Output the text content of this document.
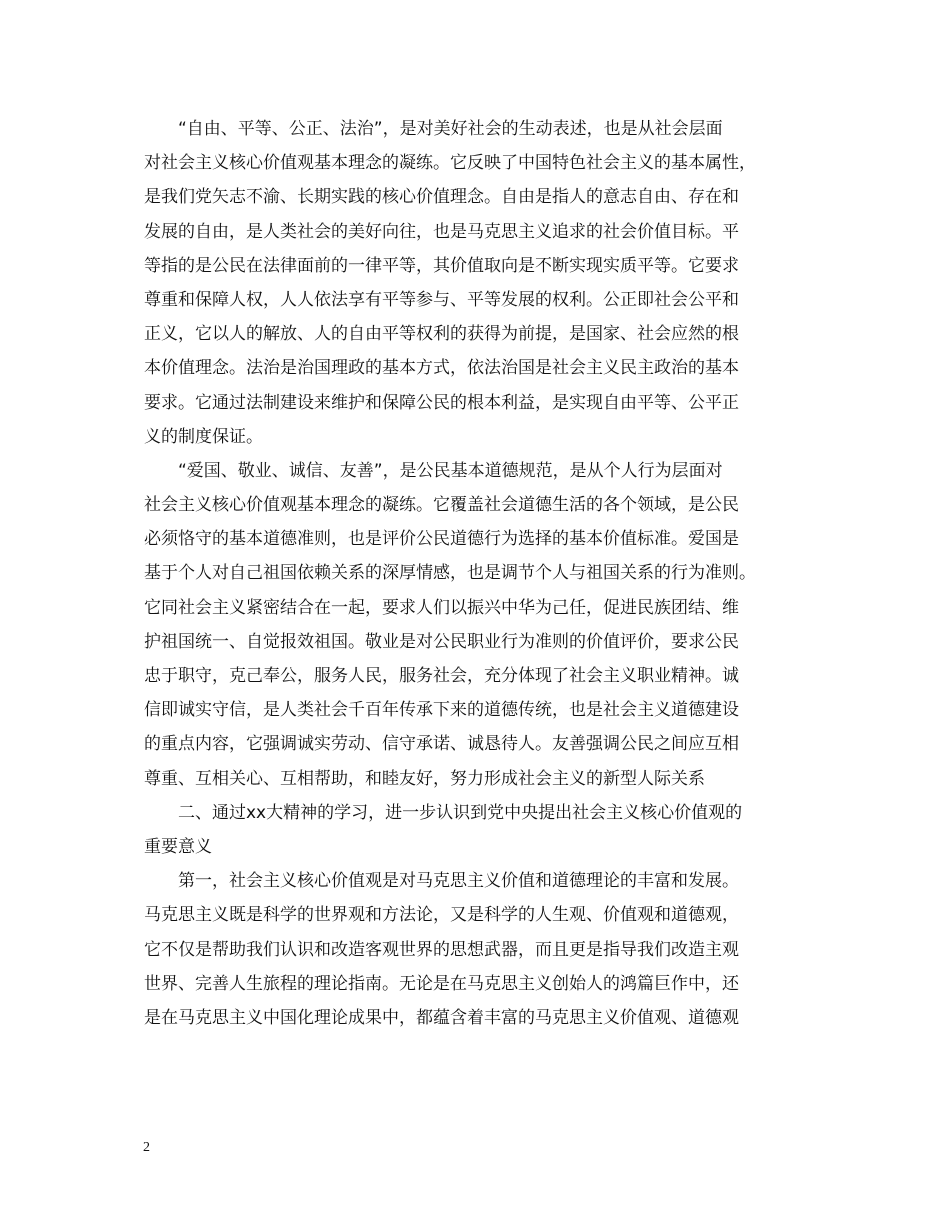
“自由、平等、公正、法治”，是对美好社会的生动表述，也是从社会层面
对社会主义核心价值观基本理念的凝练。它反映了中国特色社会主义的基本属性，
是我们党矢志不渝、长期实践的核心价值理念。自由是指人的意志自由、存在和
发展的自由，是人类社会的美好向往，也是马克思主义追求的社会价值目标。平
等指的是公民在法律面前的一律平等，其价值取向是不断实现实质平等。它要求
尊重和保障人权，人人依法享有平等参与、平等发展的权利。公正即社会公平和
正义，它以人的解放、人的自由平等权利的获得为前提，是国家、社会应然的根
本价值理念。法治是治国理政的基本方式，依法治国是社会主义民主政治的基本
要求。它通过法制建设来维护和保障公民的根本利益，是实现自由平等、公平正
义的制度保证。
“爱国、敬业、诚信、友善”，是公民基本道德规范，是从个人行为层面对
社会主义核心价值观基本理念的凝练。它覆盖社会道德生活的各个领域，是公民
必须恪守的基本道德准则，也是评价公民道德行为选择的基本价值标准。爱国是
基于个人对自己祖国依赖关系的深厚情感，也是调节个人与祖国关系的行为准则。
它同社会主义紧密结合在一起，要求人们以振兴中华为己任，促进民族团结、维
护祖国统一、自觉报效祖国。敬业是对公民职业行为准则的价值评价，要求公民
忠于职守，克己奉公，服务人民，服务社会，充分体现了社会主义职业精神。诚
信即诚实守信，是人类社会千百年传承下来的道德传统，也是社会主义道德建设
的重点内容，它强调诚实劳动、信守承诺、诚恳待人。友善强调公民之间应互相
尊重、互相关心、互相帮助，和睦友好，努力形成社会主义的新型人际关系
二、通过xx大精神的学习，进一步认识到党中央提出社会主义核心价值观的
重要意义
第一，社会主义核心价值观是对马克思主义价值和道德理论的丰富和发展。
马克思主义既是科学的世界观和方法论，又是科学的人生观、价值观和道德观，
它不仅是帮助我们认识和改造客观世界的思想武器，而且更是指导我们改造主观
世界、完善人生旅程的理论指南。无论是在马克思主义创始人的鸿篇巨作中，还
是在马克思主义中国化理论成果中，都蕴含着丰富的马克思主义价值观、道德观
2
